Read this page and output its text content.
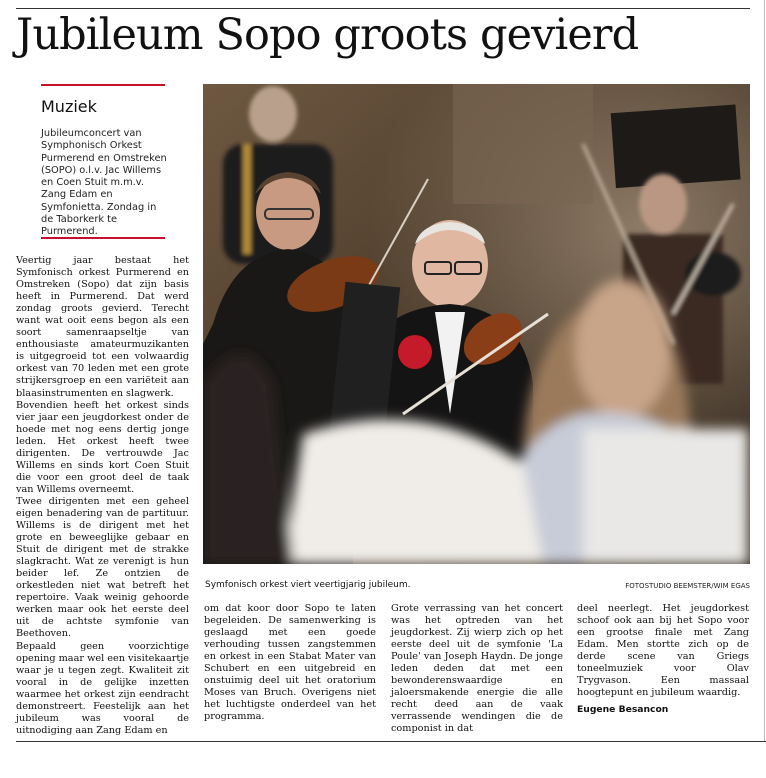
Jubileum Sopo groots gevierd
Muziek
Jubileumconcert van Symphonisch Orkest Purmerend en Omstreken (SOPO) o.l.v. Jac Willems en Coen Stuit m.m.v. Zang Edam en Symfonietta. Zondag in de Taborkerk te Purmerend.
Symfonisch orkest viert veertigjarig jubileum.	FOTOSTUDIO BEEMSTER/WIM EGAS

Veertig jaar bestaat het Symfonisch orkest Purmerend en Omstreken (Sopo) dat zijn basis heeft in Purmerend. Dat werd zondag groots gevierd. Terecht want wat ooit eens begon als een soort samenraapseltje van enthousiaste amateurmuzikanten is uitgegroeid tot een volwaardig orkest van 70 leden met een grote strijkersgroep en een variëteit aan blaasinstrumenten en slagwerk.

Bovendien heeft het orkest sinds vier jaar een jeugdorkest onder de hoede met nog eens dertig jonge leden. Het orkest heeft twee dirigenten. De vertrouwde Jac Willems en sinds kort Coen Stuit die voor een groot deel de taak van Willems overneemt.

Twee dirigenten met een geheel eigen benadering van de partituur. Willems is de dirigent met het grote en beweeglijke gebaar en Stuit de dirigent met de strakke slagkracht. Wat ze verenigt is hun beider lef. Ze ontzien de orkestleden niet wat betreft het repertoire. Vaak weinig gehoorde werken maar ook het eerste deel uit de achtste symfonie van Beethoven.

Bepaald geen voorzichtige opening maar wel een visitekaartje waar je u tegen zegt. Kwaliteit zit vooral in de gelijke inzetten waarmee het orkest zijn eendracht demonstreert. Feestelijk aan het jubileum was vooral de uitnodiging aan Zang Edam en

om dat koor door Sopo te laten begeleiden. De samenwerking is geslaagd met een goede verhouding tussen zangstemmen en orkest in een Stabat Mater van Schubert en een uitgebreid en onstuimig deel uit het oratorium Moses van Bruch. Overigens niet het luchtigste onderdeel van het programma.

Grote verrassing van het concert was het optreden van het jeugdorkest. Zij wierp zich op het eerste deel uit de symfonie 'La Poule' van Joseph Haydn. De jonge leden deden dat met een bewonderenswaardige en jaloersmakende energie die alle recht deed aan de vaak verrassende wendingen die de componist in dat

deel neerlegt. Het jeugdorkest schoof ook aan bij het Sopo voor een grootse finale met Zang Edam. Men stortte zich op de derde scene van Griegs toneelmuziek voor Olav Trygvason. Een massaal hoogtepunt en jubileum waardig.

Eugene Besancon
